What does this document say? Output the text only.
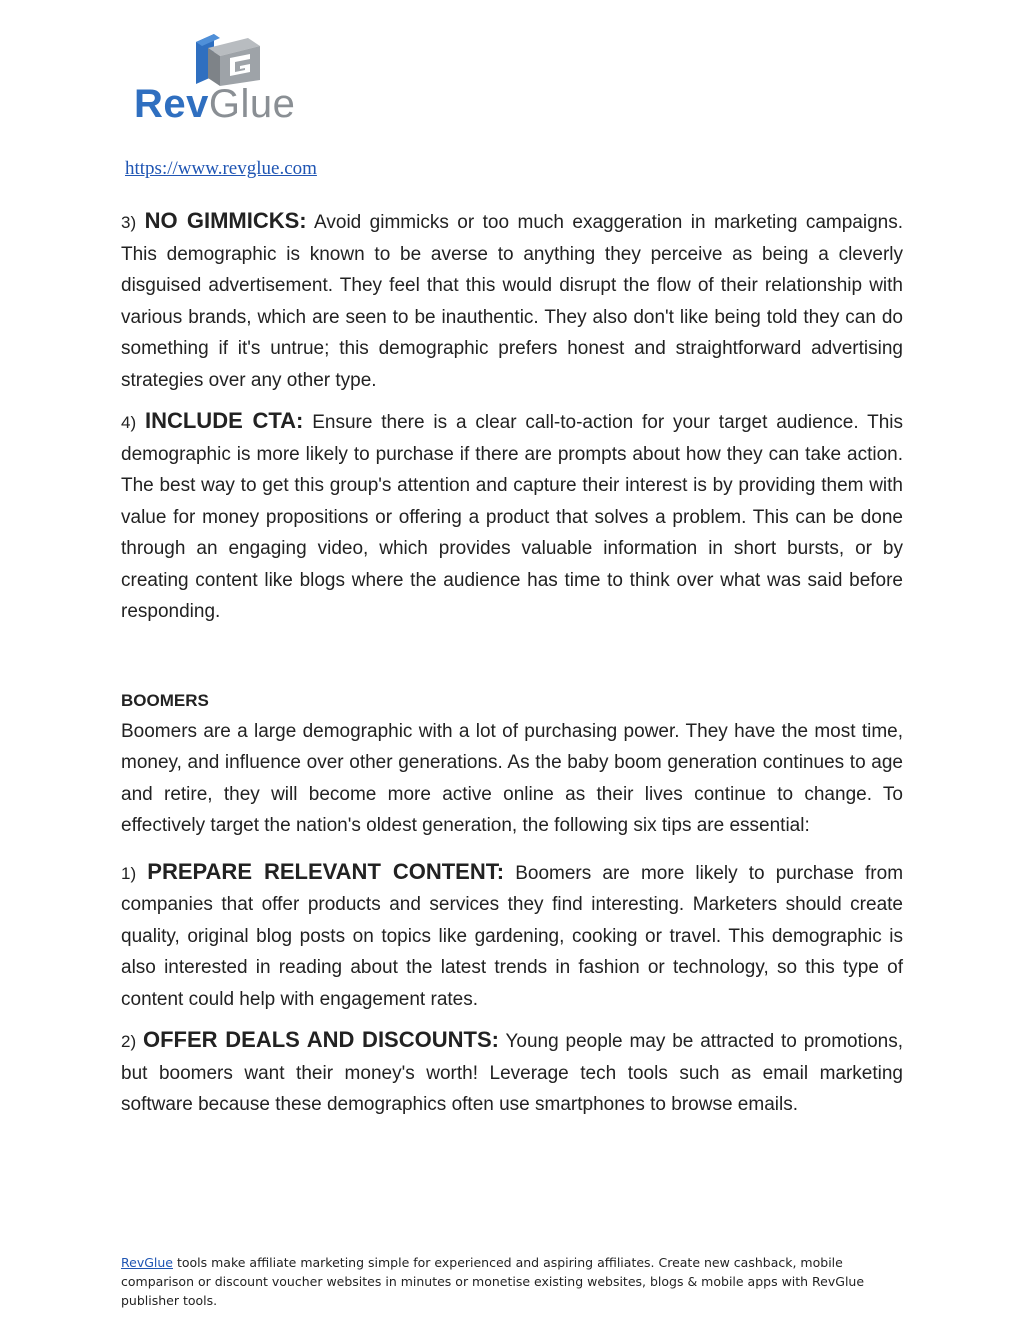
RevGlue
https://www.revglue.com

3) NO GIMMICKS: Avoid gimmicks or too much exaggeration in marketing campaigns. This demographic is known to be averse to anything they perceive as being a cleverly disguised advertisement. They feel that this would disrupt the flow of their relationship with various brands, which are seen to be inauthentic. They also don't like being told they can do something if it's untrue; this demographic prefers honest and straightforward advertising strategies over any other type.

4) INCLUDE CTA: Ensure there is a clear call-to-action for your target audience. This demographic is more likely to purchase if there are prompts about how they can take action. The best way to get this group's attention and capture their interest is by providing them with value for money propositions or offering a product that solves a problem. This can be done through an engaging video, which provides valuable information in short bursts, or by creating content like blogs where the audience has time to think over what was said before responding.

BOOMERS

Boomers are a large demographic with a lot of purchasing power. They have the most time, money, and influence over other generations. As the baby boom generation continues to age and retire, they will become more active online as their lives continue to change. To effectively target the nation's oldest generation, the following six tips are essential:

1) PREPARE RELEVANT CONTENT: Boomers are more likely to purchase from companies that offer products and services they find interesting. Marketers should create quality, original blog posts on topics like gardening, cooking or travel. This demographic is also interested in reading about the latest trends in fashion or technology, so this type of content could help with engagement rates.

2) OFFER DEALS AND DISCOUNTS: Young people may be attracted to promotions, but boomers want their money's worth! Leverage tech tools such as email marketing software because these demographics often use smartphones to browse emails.

RevGlue tools make affiliate marketing simple for experienced and aspiring affiliates. Create new cashback, mobile comparison or discount voucher websites in minutes or monetise existing websites, blogs & mobile apps with RevGlue publisher tools.
